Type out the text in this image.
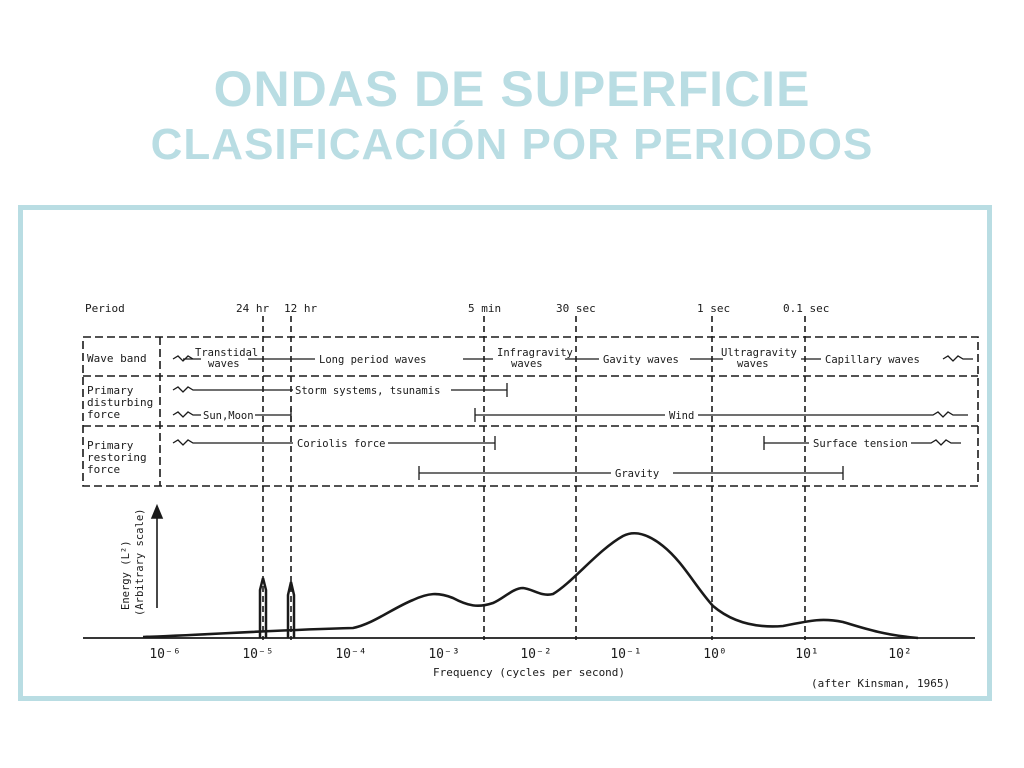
ONDAS DE SUPERFICIE
CLASIFICACIÓN POR PERIODOS
Period	24 hr 12 hr	5 min	30 sec	1 sec	0.1 sec
Wave band
Primary
disturbing
force
Primary
restoring
force
Transtidal
waves	Long period waves
Infragravity
waves	Gavity waves
Ultragravity
waves	Capillary waves
Storm systems, tsunamis
Sun,Moon	Wind
Coriolis force	Surface tension
Gravity
Energy (L²) (Arbitrary scale)
10⁻⁶	10⁻⁵	10⁻⁴	10⁻³	10⁻²	10⁻¹	10⁰	10¹	10²
Frequency (cycles per second)
(after Kinsman, 1965)
